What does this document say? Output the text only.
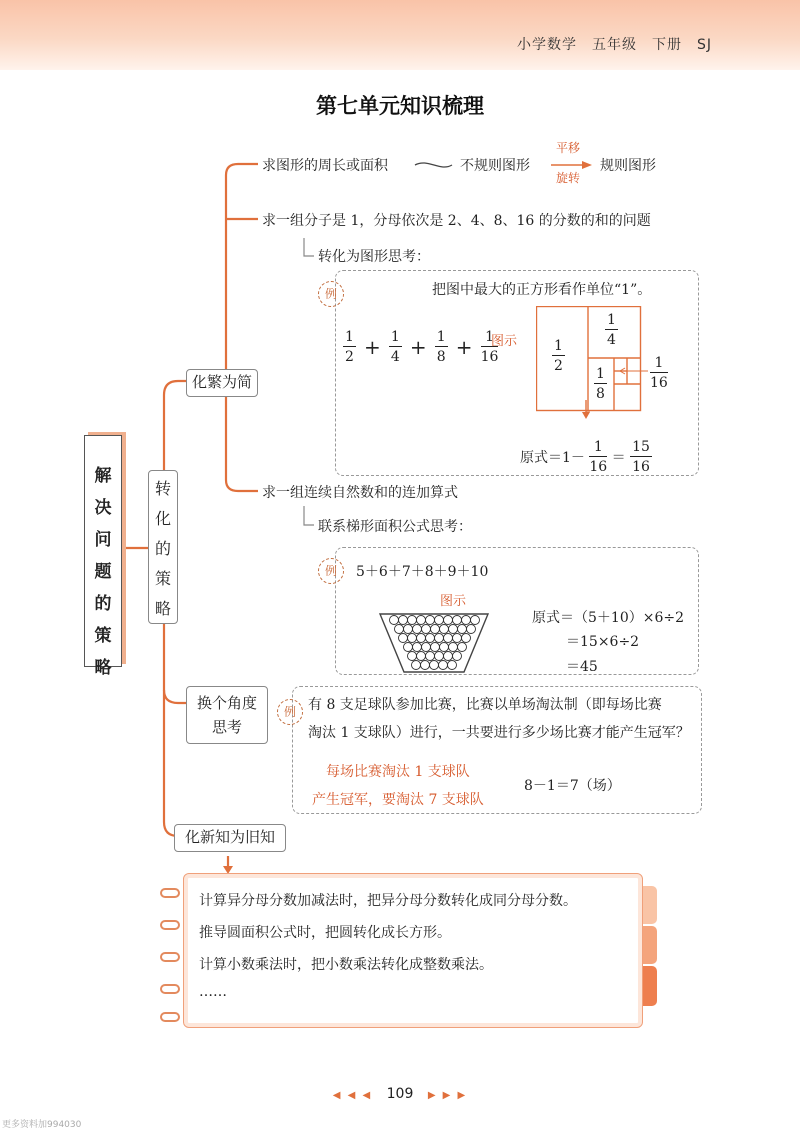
小学数学　五年级　下册　SJ
第七单元知识梳理
解
决
问
题
的
策
略
转
化
的
策
略
化繁为简
换个角度
思考
化新知为旧知
求图形的周长或面积	不规则图形
平移
旋转
规则图形
求一组分子是 1，分母依次是 2、4、8、16 的分数的和的问题
转化为图形思考：
求一组连续自然数和的连加算式
联系梯形面积公式思考：
例	把图中最大的正方形看作单位“1”。
$\frac{1}{2} + \frac{1}{4} + \frac{1}{8} + \frac{1}{16}$
图示 $\frac{1}{2}$
$\frac{1}{4}$
$\frac{1}{8}$	$\frac{1}{16}$
原式$=1- \frac{1}{16} = \frac{15}{16}$
例	5＋6＋7＋8＋9＋10
图示
原式＝（5＋10）×6÷2
＝15×6÷2
＝45
例 有 8 支足球队参加比赛，比赛以单场淘汰制（即每场比赛
淘汰 1 支球队）进行，一共要进行多少场比赛才能产生冠军？
每场比赛淘汰 1 支球队
产生冠军，要淘汰 7 支球队
8－1＝7（场）
计算异分母分数加减法时，把异分母分数转化成同分母分数。
推导圆面积公式时，把圆转化成长方形。
计算小数乘法时，把小数乘法转化成整数乘法。
……
◀ ◀ ◀ 109 ▶ ▶ ▶
更多资料加994030
